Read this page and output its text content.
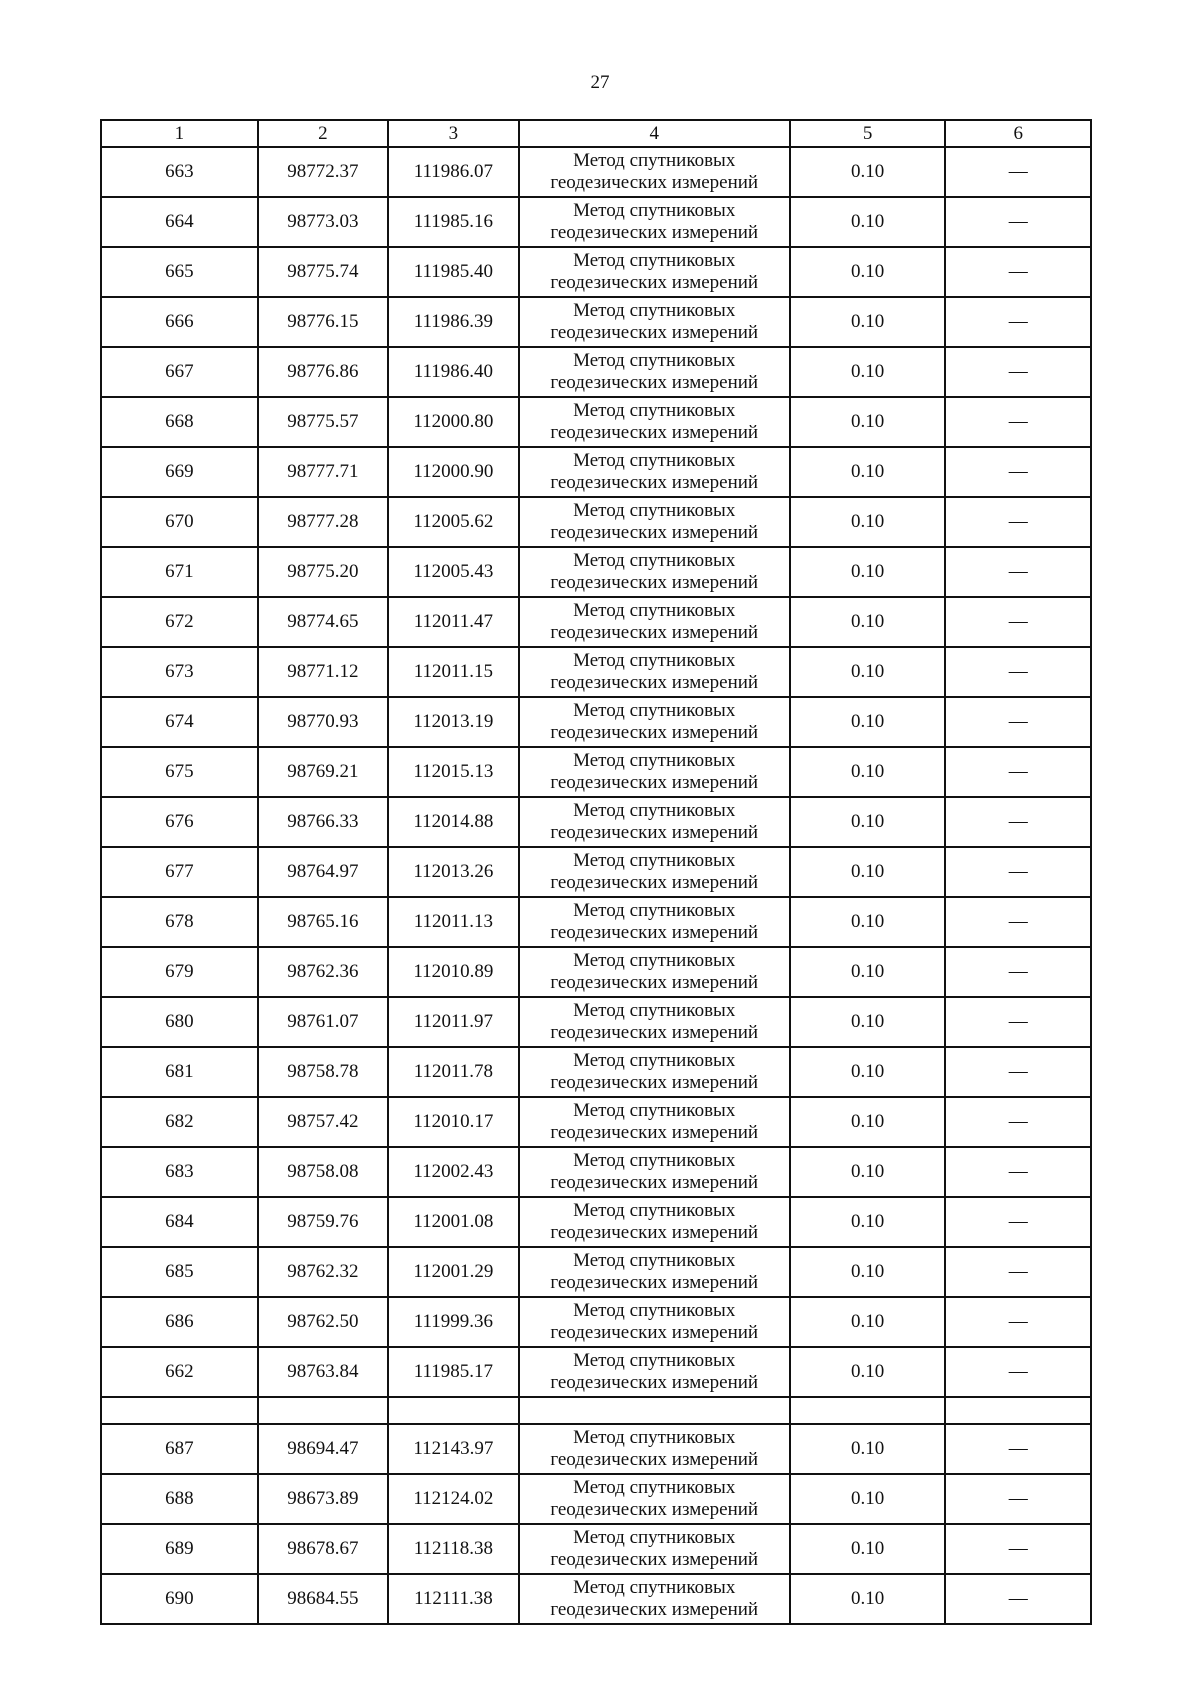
27
1	2	3	4	5	6
663	98772.37	111986.07	Метод спутниковых геодезических измерений	0.10	—
664	98773.03	111985.16	Метод спутниковых геодезических измерений	0.10	—
665	98775.74	111985.40	Метод спутниковых геодезических измерений	0.10	—
666	98776.15	111986.39	Метод спутниковых геодезических измерений	0.10	—
667	98776.86	111986.40	Метод спутниковых геодезических измерений	0.10	—
668	98775.57	112000.80	Метод спутниковых геодезических измерений	0.10	—
669	98777.71	112000.90	Метод спутниковых геодезических измерений	0.10	—
670	98777.28	112005.62	Метод спутниковых геодезических измерений	0.10	—
671	98775.20	112005.43	Метод спутниковых геодезических измерений	0.10	—
672	98774.65	112011.47	Метод спутниковых геодезических измерений	0.10	—
673	98771.12	112011.15	Метод спутниковых геодезических измерений	0.10	—
674	98770.93	112013.19	Метод спутниковых геодезических измерений	0.10	—
675	98769.21	112015.13	Метод спутниковых геодезических измерений	0.10	—
676	98766.33	112014.88	Метод спутниковых геодезических измерений	0.10	—
677	98764.97	112013.26	Метод спутниковых геодезических измерений	0.10	—
678	98765.16	112011.13	Метод спутниковых геодезических измерений	0.10	—
679	98762.36	112010.89	Метод спутниковых геодезических измерений	0.10	—
680	98761.07	112011.97	Метод спутниковых геодезических измерений	0.10	—
681	98758.78	112011.78	Метод спутниковых геодезических измерений	0.10	—
682	98757.42	112010.17	Метод спутниковых геодезических измерений	0.10	—
683	98758.08	112002.43	Метод спутниковых геодезических измерений	0.10	—
684	98759.76	112001.08	Метод спутниковых геодезических измерений	0.10	—
685	98762.32	112001.29	Метод спутниковых геодезических измерений	0.10	—
686	98762.50	111999.36	Метод спутниковых геодезических измерений	0.10	—
662	98763.84	111985.17	Метод спутниковых геодезических измерений	0.10	—

687	98694.47	112143.97	Метод спутниковых геодезических измерений	0.10	—
688	98673.89	112124.02	Метод спутниковых геодезических измерений	0.10	—
689	98678.67	112118.38	Метод спутниковых геодезических измерений	0.10	—
690	98684.55	112111.38	Метод спутниковых геодезических измерений	0.10	—
